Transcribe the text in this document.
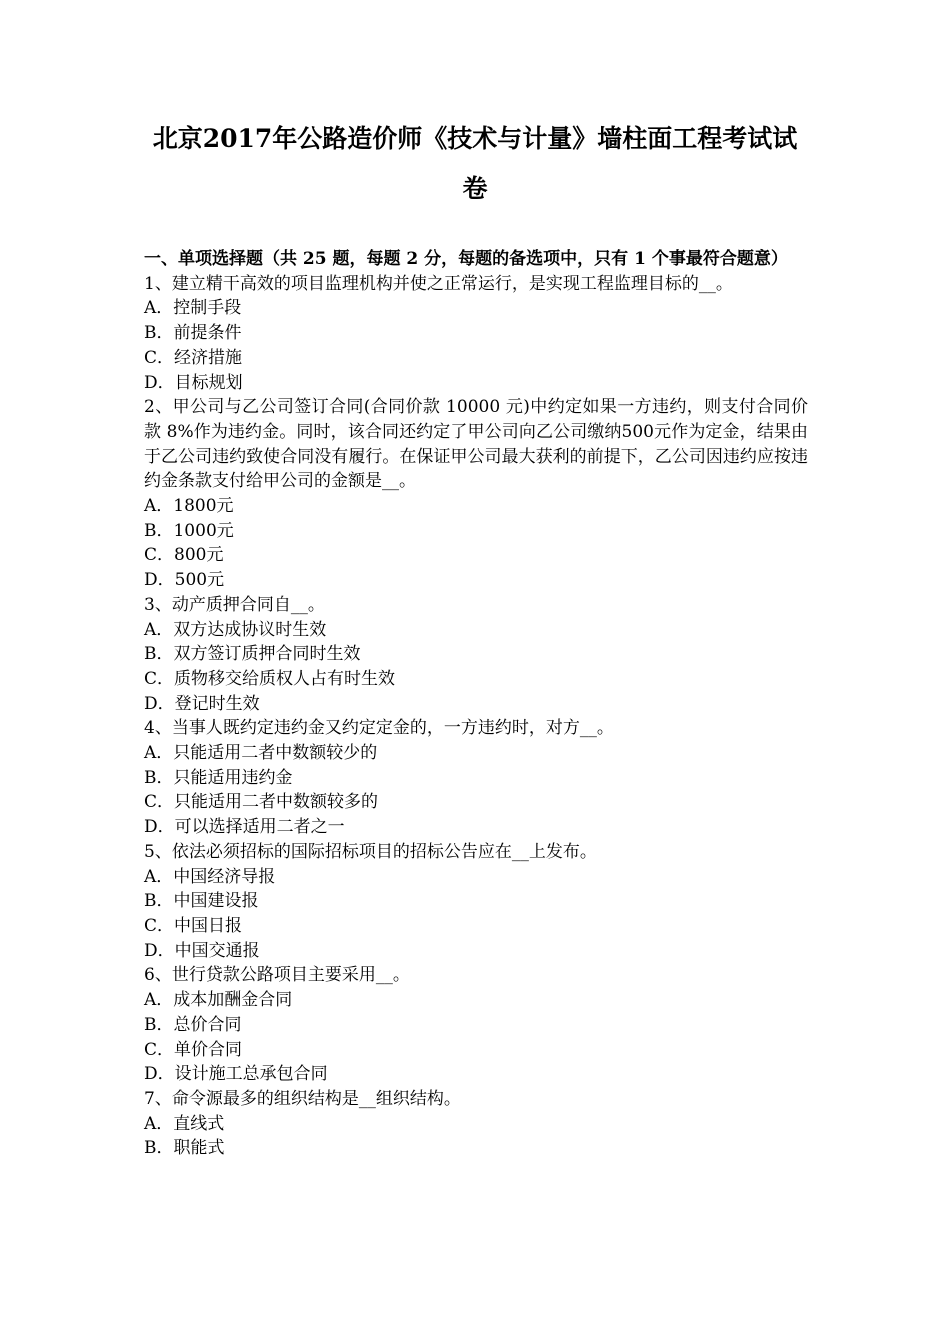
北京2017年公路造价师《技术与计量》墙柱面工程考试试
卷

一、单项选择题（共 25 题，每题 2 分，每题的备选项中，只有 1 个事最符合题意）

1、建立精干高效的项目监理机构并使之正常运行，是实现工程监理目标的__。

A．控制手段

B．前提条件

C．经济措施

D．目标规划

2、甲公司与乙公司签订合同(合同价款 10000 元)中约定如果一方违约，则支付合同价款 8%作为违约金。同时，该合同还约定了甲公司向乙公司缴纳500元作为定金，结果由于乙公司违约致使合同没有履行。在保证甲公司最大获利的前提下，乙公司因违约应按违约金条款支付给甲公司的金额是__。

A．1800元

B．1000元

C．800元

D．500元

3、动产质押合同自__。

A．双方达成协议时生效

B．双方签订质押合同时生效

C．质物移交给质权人占有时生效

D．登记时生效

4、当事人既约定违约金又约定定金的，一方违约时，对方__。

A．只能适用二者中数额较少的

B．只能适用违约金

C．只能适用二者中数额较多的

D．可以选择适用二者之一

5、依法必须招标的国际招标项目的招标公告应在__上发布。

A．中国经济导报

B．中国建设报

C．中国日报

D．中国交通报

6、世行贷款公路项目主要采用__。

A．成本加酬金合同

B．总价合同

C．单价合同

D．设计施工总承包合同

7、命令源最多的组织结构是__组织结构。

A．直线式

B．职能式
